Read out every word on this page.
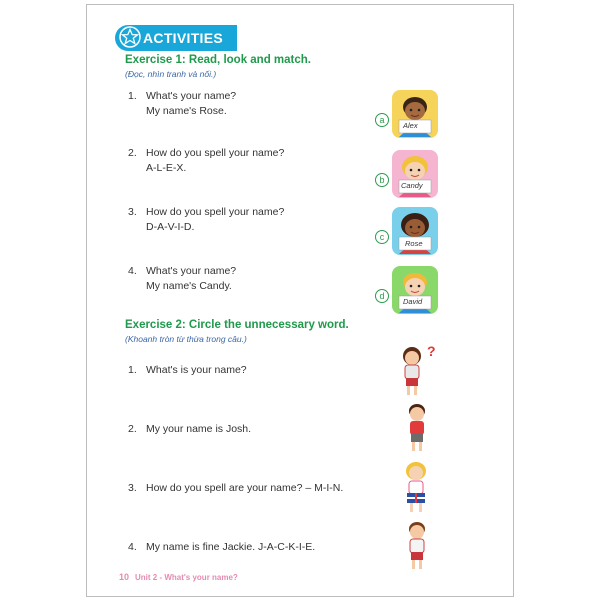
ACTIVITIES
Exercise 1: Read, look and match.
(Đọc, nhìn tranh và nối.)
1. What's your name?
My name's Rose.
2. How do you spell your name?
A-L-E-X.
3. How do you spell your name?
D-A-V-I-D.
4. What's your name?
My name's Candy.
a
Alex
b
Candy
c
Rose
d
David
Exercise 2: Circle the unnecessary word.
(Khoanh tròn từ thừa trong câu.)
1. What's is your name?
2. My your name is Josh.
3. How do you spell are your name? – M-I-N.
4. My name is fine Jackie. J-A-C-K-I-E.
?
10 Unit 2 - What's your name?
